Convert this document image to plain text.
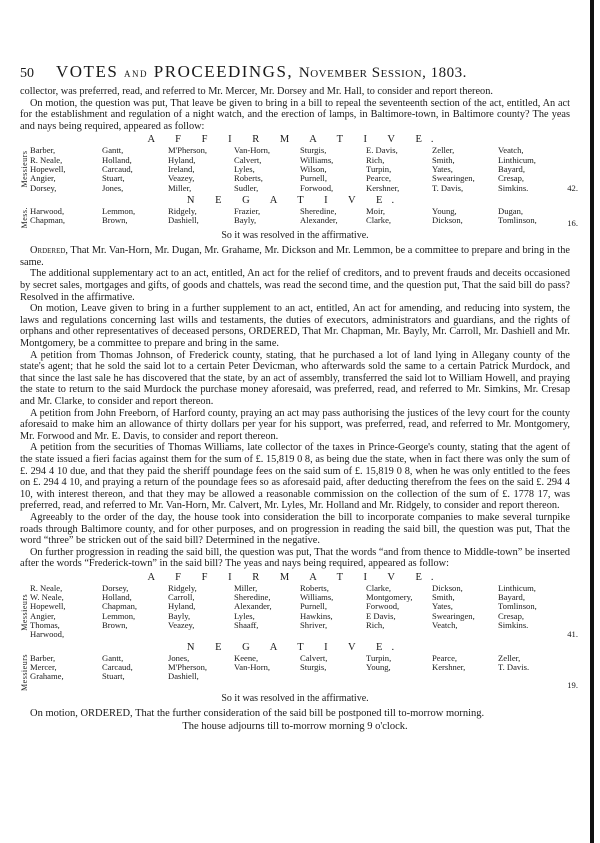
50 VOTES
and
PROCEEDINGS,
November Session, 1803.

collector, was preferred, read, and referred to Mr. Mercer, Mr. Dorsey and Mr. Hall, to consider and report thereon.

On motion, the question was put, That leave be given to bring in a bill to repeal the seventeenth section of the act, entitled, An act for the establishment and regulation of a night watch, and the erection of lamps, in Baltimore-town, in Baltimore county? The yeas and nays being required, appeared as follow:

A F F I R M A T I V E.
Messieurs
Barber,
R. Neale,
Hopewell,
Angier,
Dorsey,
Gantt,
Holland,
Carcaud,
Stuart,
Jones,
M'Pherson,
Hyland,
Ireland,
Veazey,
Miller,
Van-Horn,
Calvert,
Lyles,
Roberts,
Sudler,
Sturgis,
Williams,
Wilson,
Purnell,
Forwood,
E. Davis,
Rich,
Turpin,
Pearce,
Kershner,
Zeller,
Smith,
Yates,
Swearingen,
T. Davis,
Veatch,
Linthicum,
Bayard,
Cresap,
Simkins.	42.
N E G A T I V E.
Mess. Harwood,
Chapman,
Lemmon,
Brown,
Ridgely,
Dashiell,
Frazier,
Bayly,
Sheredine,
Alexander,
Moir,
Clarke,
Young,
Dickson,
Dugan,
Tomlinson,	16.
So it was resolved in the affirmative.

Ordered, That Mr. Van-Horn, Mr. Dugan, Mr. Grahame, Mr. Dickson and Mr. Lemmon, be a committee to prepare and bring in the same.

The additional supplementary act to an act, entitled, An act for the relief of creditors, and to prevent frauds and deceits occasioned by secret sales, mortgages and gifts, of goods and chattels, was read the second time, and the question put, That the said bill do pass? Resolved in the affirmative.

On motion, Leave given to bring in a further supplement to an act, entitled, An act for amending, and reducing into system, the laws and regulations concerning last wills and testaments, the duties of executors, administrators and guardians, and the rights of orphans and other representatives of deceased persons, ORDERED, That Mr. Chapman, Mr. Bayly, Mr. Carroll, Mr. Dashiell and Mr. Montgomery, be a committee to prepare and bring in the same.

A petition from Thomas Johnson, of Frederick county, stating, that he purchased a lot of land lying in Allegany county of the state's agent; that he sold the said lot to a certain Peter Devicman, who afterwards sold the same to a certain Patrick Murdock, and that since the last sale he has discovered that the state, by an act of assembly, transferred the said lot to William Howell, and praying the state to return to the said Murdock the purchase money aforesaid, was preferred, read, and referred to Mr. Simkins, Mr. Cresap and Mr. Clarke, to consider and report thereon.

A petition from John Freeborn, of Harford county, praying an act may pass authorising the justices of the levy court for the county aforesaid to make him an allowance of thirty dollars per year for his support, was preferred, read, and referred to Mr. Montgomery, Mr. Forwood and Mr. E. Davis, to consider and report thereon.

A petition from the securities of Thomas Williams, late collector of the taxes in Prince-George's county, stating that the agent of the state issued a fieri facias against them for the sum of £. 15,819 0 8, as being due the state, when in fact there was only the sum of £. 294 4 10 due, and that they paid the sheriff poundage fees on the said sum of £. 15,819 0 8, when he was only entitled to the fees on £. 294 4 10, and praying a return of the poundage fees so as aforesaid paid, after deducting therefrom the fees on the said £. 294 4 10, with interest thereon, and that they may be allowed a reasonable commission on the collection of the sum of £. 1778 17, was preferred, read, and referred to Mr. Van-Horn, Mr. Calvert, Mr. Lyles, Mr. Holland and Mr. Ridgely, to consider and report thereon.

Agreeably to the order of the day, the house took into consideration the bill to incorporate companies to make several turnpike roads through Baltimore county, and for other purposes, and on progression in reading the said bill, the question was put, That the word “three” be stricken out of the said bill? Determined in the negative.

On further progression in reading the said bill, the question was put, That the words “and from thence to Middle-town” be inserted after the words “Frederick-town” in the said bill? The yeas and nays being required, appeared as follow:

A F F I R M A T I V E.
Messieurs
R. Neale,
W. Neale,
Hopewell,
Angier,
Thomas,
Harwood,
Dorsey,
Holland,
Chapman,
Lemmon,
Brown,
Ridgely,
Carroll,
Hyland,
Bayly,
Veazey,
Miller,
Sheredine,
Alexander,
Lyles,
Shaaff,
Roberts,
Williams,
Purnell,
Hawkins,
Shriver,
Clarke,
Montgomery,
Forwood,
E Davis,
Rich,
Dickson,
Smith,
Yates,
Swearingen,
Veatch,
Linthicum,
Bayard,
Tomlinson,
Cresap,
Simkins.
41.
N E G A T I V E.
Messieurs Barber,
Mercer,
Grahame,
Gantt,
Carcaud,
Stuart,
Jones,
M'Pherson,
Dashiell,
Keene,
Van-Horn,
Calvert,
Sturgis,
Turpin,
Young,
Pearce,
Kershner,
Zeller,
T. Davis.
19.
So it was resolved in the affirmative.

On motion, ORDERED, That the further consideration of the said bill be postponed till to-morrow morning.

The house adjourns till to-morrow morning 9 o'clock.
